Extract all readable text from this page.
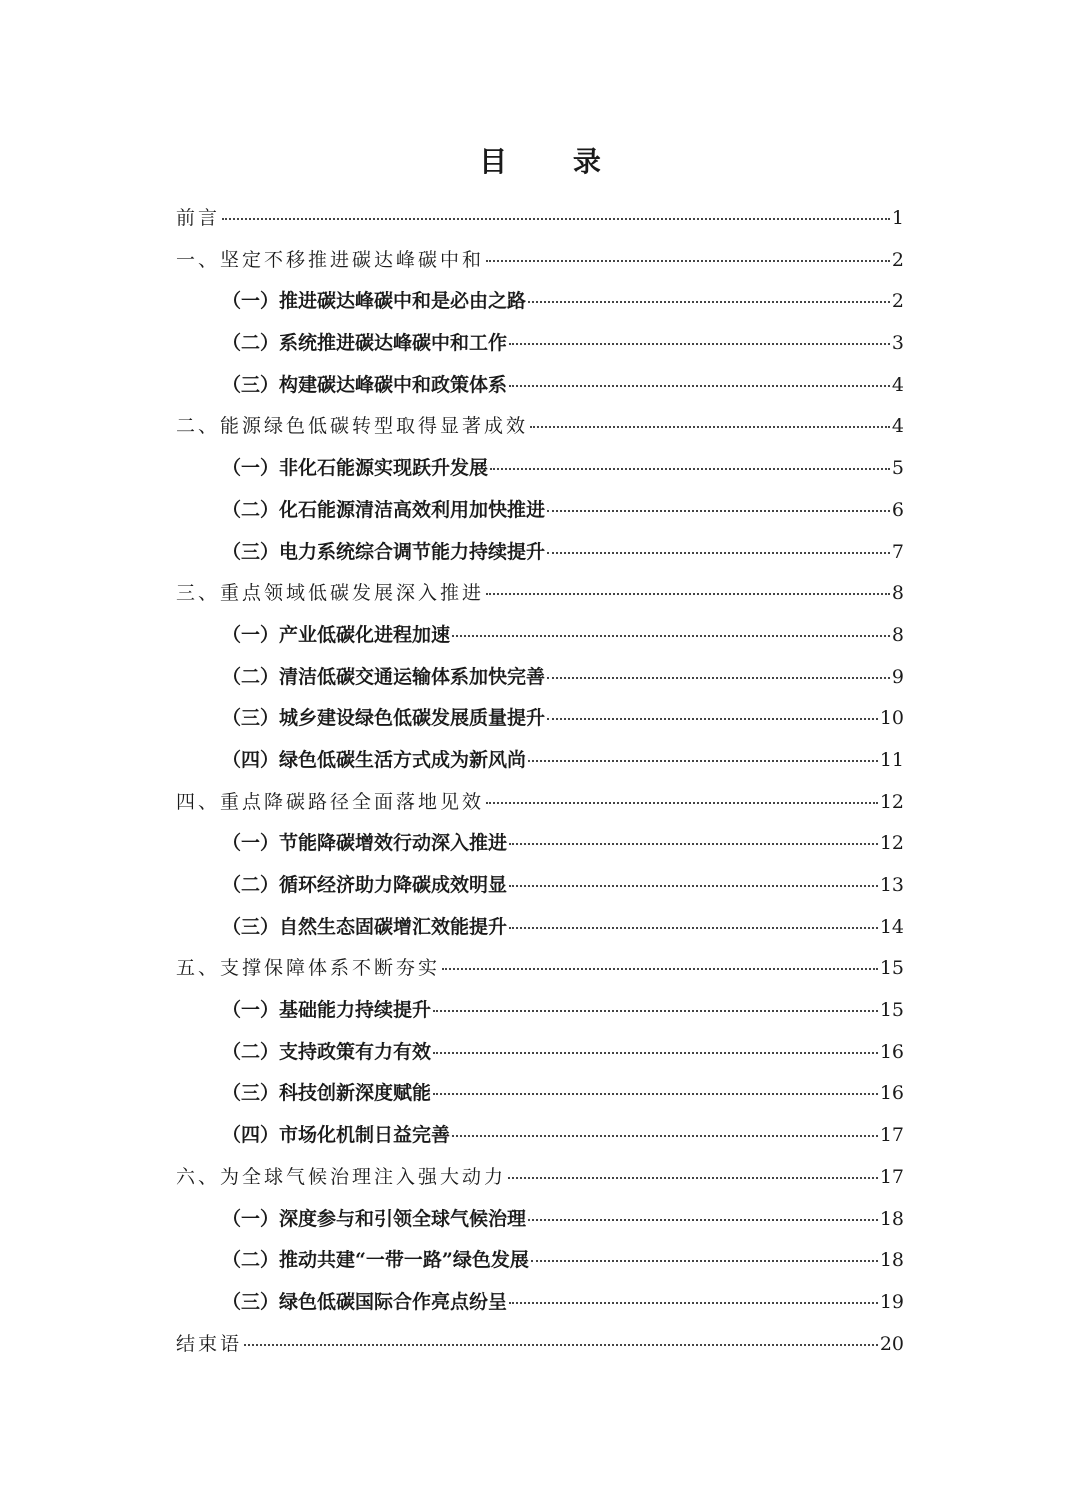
目 录
前言	1
一、坚定不移推进碳达峰碳中和	2
（一）推进碳达峰碳中和是必由之路	2
（二）系统推进碳达峰碳中和工作	3
（三）构建碳达峰碳中和政策体系	4
二、能源绿色低碳转型取得显著成效	4
（一）非化石能源实现跃升发展	5
（二）化石能源清洁高效利用加快推进	6
（三）电力系统综合调节能力持续提升	7
三、重点领域低碳发展深入推进	8
（一）产业低碳化进程加速	8
（二）清洁低碳交通运输体系加快完善	9
（三）城乡建设绿色低碳发展质量提升	10
（四）绿色低碳生活方式成为新风尚	11
四、重点降碳路径全面落地见效	12
（一）节能降碳增效行动深入推进	12
（二）循环经济助力降碳成效明显	13
（三）自然生态固碳增汇效能提升	14
五、支撑保障体系不断夯实	15
（一）基础能力持续提升	15
（二）支持政策有力有效	16
（三）科技创新深度赋能	16
（四）市场化机制日益完善	17
六、为全球气候治理注入强大动力	17
（一）深度参与和引领全球气候治理	18
（二）推动共建“一带一路”绿色发展	18
（三）绿色低碳国际合作亮点纷呈	19
结束语	20
